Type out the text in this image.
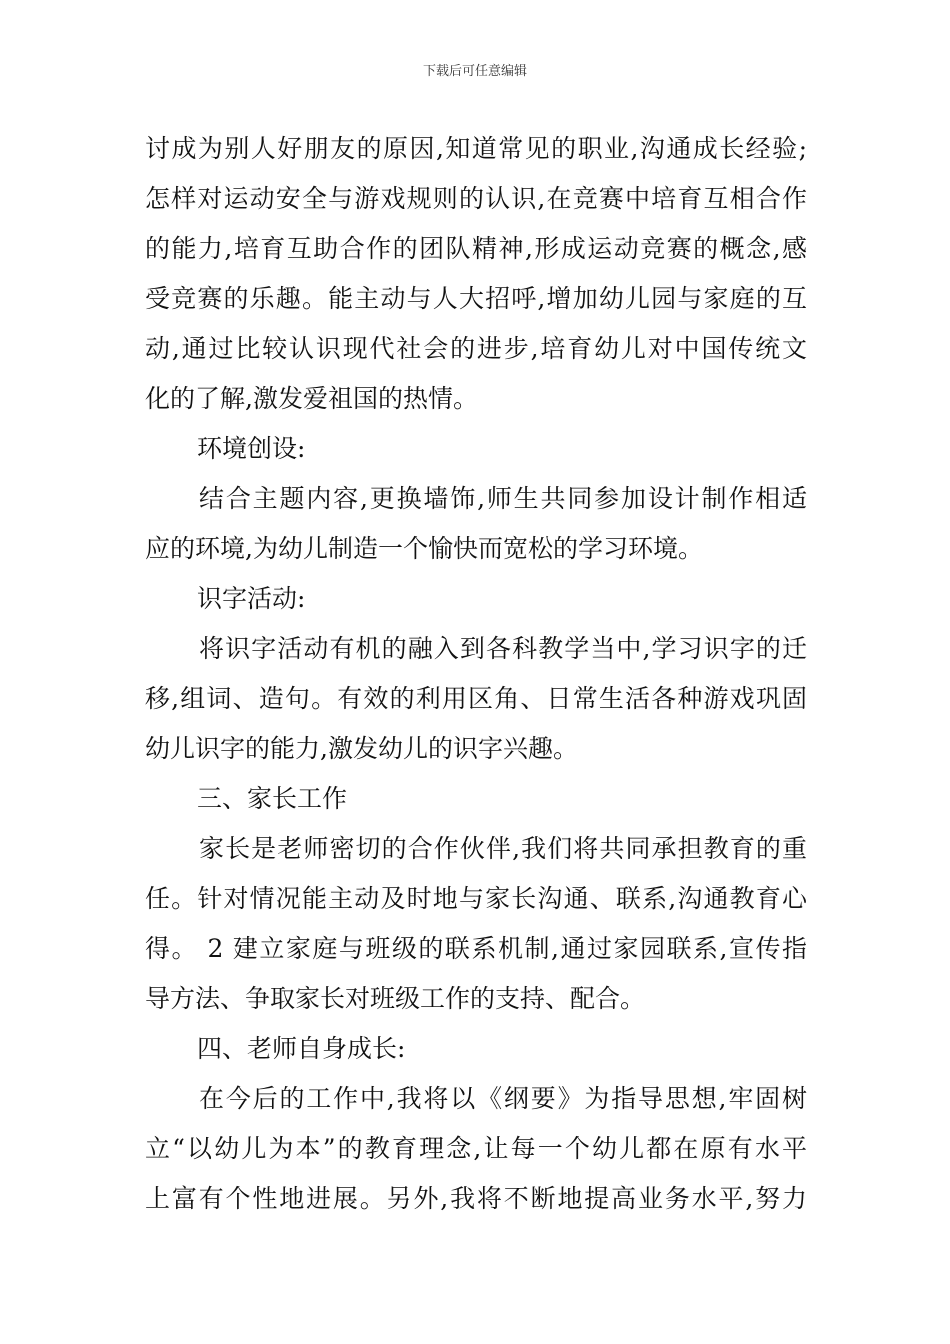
下载后可任意编辑
讨成为别人好朋友的原因,知道常见的职业,沟通成长经验;
怎样对运动安全与游戏规则的认识,在竞赛中培育互相合作
的能力,培育互助合作的团队精神,形成运动竞赛的概念,感
受竞赛的乐趣。能主动与人大招呼,增加幼儿园与家庭的互
动,通过比较认识现代社会的进步,培育幼儿对中国传统文
化的了解,激发爱祖国的热情。
环境创设:
结合主题内容,更换墙饰,师生共同参加设计制作相适
应的环境,为幼儿制造一个愉快而宽松的学习环境。
识字活动:
将识字活动有机的融入到各科教学当中,学习识字的迁
移,组词、造句。有效的利用区角、日常生活各种游戏巩固
幼儿识字的能力,激发幼儿的识字兴趣。
三、家长工作
家长是老师密切的合作伙伴,我们将共同承担教育的重
任。针对情况能主动及时地与家长沟通、联系,沟通教育心
得。 2 建立家庭与班级的联系机制,通过家园联系,宣传指
导方法、争取家长对班级工作的支持、配合。
四、老师自身成长:
在今后的工作中,我将以《纲要》为指导思想,牢固树
立“以幼儿为本”的教育理念,让每一个幼儿都在原有水平
上富有个性地进展。另外,我将不断地提高业务水平,努力
